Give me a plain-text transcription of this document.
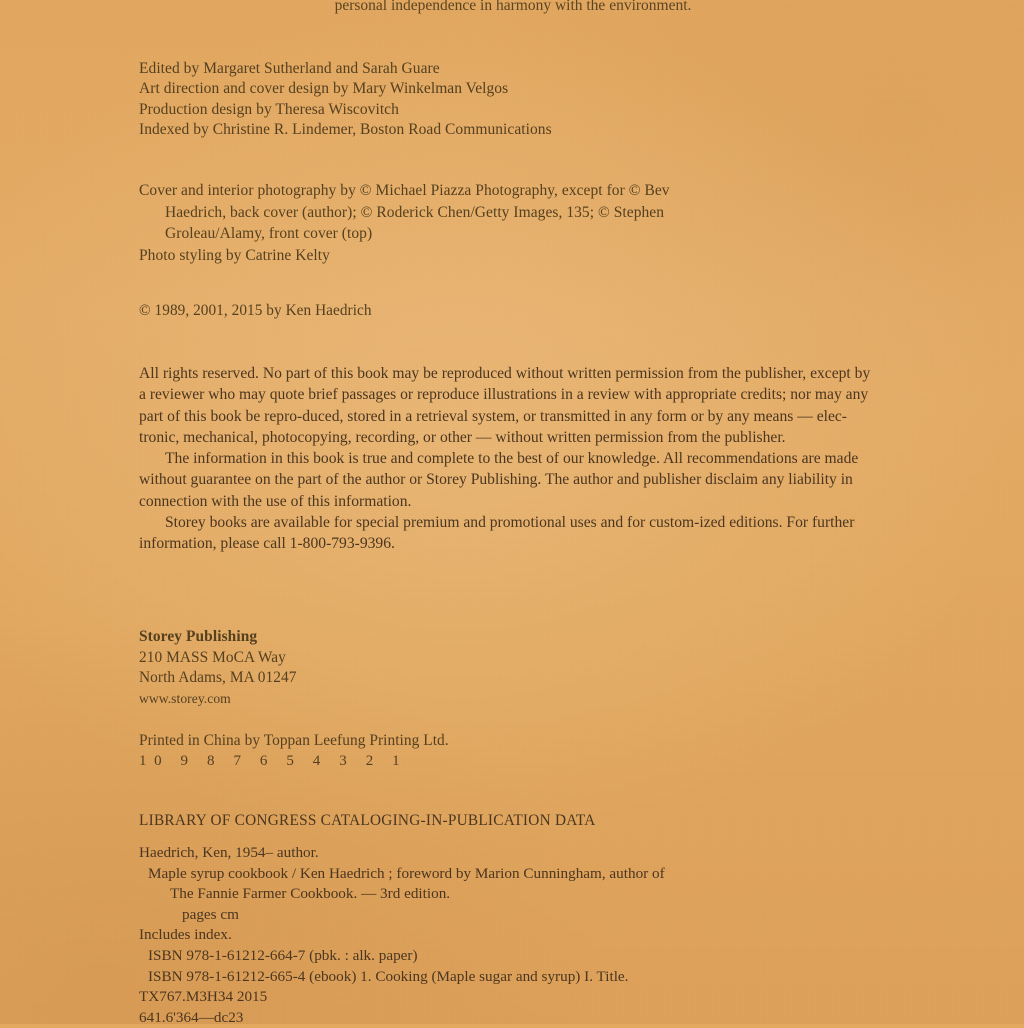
personal independence in harmony with the environment.
Edited by Margaret Sutherland and Sarah Guare
Art direction and cover design by Mary Winkelman Velgos
Production design by Theresa Wiscovitch
Indexed by Christine R. Lindemer, Boston Road Communications
Cover and interior photography by © Michael Piazza Photography, except for © Bev
Haedrich, back cover (author); © Roderick Chen/Getty Images, 135; © Stephen
Groleau/Alamy, front cover (top)
Photo styling by Catrine Kelty
© 1989, 2001, 2015 by Ken Haedrich

All rights reserved. No part of this book may be reproduced without written permission from the publisher, except by a reviewer who may quote brief passages or reproduce illustrations in a review with appropriate credits; nor may any part of this book be repro-duced, stored in a retrieval system, or transmitted in any form or by any means — elec-tronic, mechanical, photocopying, recording, or other — without written permission from the publisher.

The information in this book is true and complete to the best of our knowledge. All recommendations are made without guarantee on the part of the author or Storey Publishing. The author and publisher disclaim any liability in connection with the use of this information.

Storey books are available for special premium and promotional uses and for custom-ized editions. For further information, please call 1-800-793-9396.

Storey Publishing
210 MASS MoCA Way
North Adams, MA 01247
www.storey.com
Printed in China by Toppan Leefung Printing Ltd.
10 9 8 7 6 5 4 3 2 1
LIBRARY OF CONGRESS CATALOGING-IN-PUBLICATION DATA
Haedrich, Ken, 1954– author.
Maple syrup cookbook / Ken Haedrich ; foreword by Marion Cunningham, author of
The Fannie Farmer Cookbook. — 3rd edition.
pages cm
Includes index.
ISBN 978-1-61212-664-7 (pbk. : alk. paper)
ISBN 978-1-61212-665-4 (ebook) 1. Cooking (Maple sugar and syrup) I. Title.
TX767.M3H34 2015
641.6'364—dc23
